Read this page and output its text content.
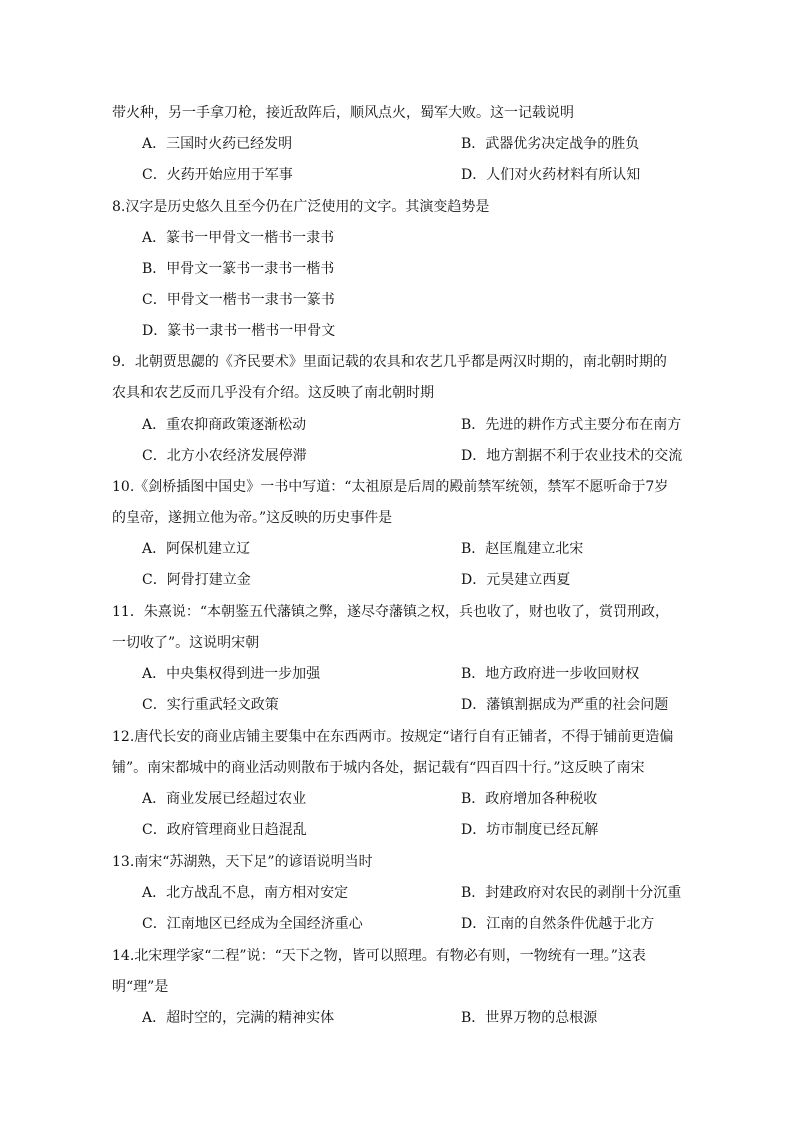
带火种，另一手拿刀枪，接近敌阵后，顺风点火，蜀军大败。这一记载说明
A．三国时火药已经发明	B．武器优劣决定战争的胜负
C．火药开始应用于军事	D．人们对火药材料有所认知
8.汉字是历史悠久且至今仍在广泛使用的文字。其演变趋势是
A．篆书一甲骨文一楷书一隶书
B．甲骨文一篆书一隶书一楷书
C．甲骨文一楷书一隶书一篆书
D．篆书一隶书一楷书一甲骨文
9．北朝贾思勰的《齐民要术》里面记载的农具和农艺几乎都是两汉时期的，南北朝时期的
农具和农艺反而几乎没有介绍。这反映了南北朝时期
A．重农抑商政策逐渐松动	B．先进的耕作方式主要分布在南方
C．北方小农经济发展停滞	D．地方割据不利于农业技术的交流
10.《剑桥插图中国史》一书中写道：“太祖原是后周的殿前禁军统领，禁军不愿听命于7岁
的皇帝，遂拥立他为帝。”这反映的历史事件是
A．阿保机建立辽	B．赵匡胤建立北宋
C．阿骨打建立金	D．元昊建立西夏
11．朱熹说：“本朝鉴五代藩镇之弊，遂尽夺藩镇之权，兵也收了，财也收了，赏罚刑政，
一切收了”。这说明宋朝
A．中央集权得到进一步加强	B．地方政府进一步收回财权
C．实行重武轻文政策	D．藩镇割据成为严重的社会问题
12.唐代长安的商业店铺主要集中在东西两市。按规定“诸行自有正铺者，不得于铺前更造偏
铺”。南宋都城中的商业活动则散布于城内各处，据记载有“四百四十行。”这反映了南宋
A．商业发展已经超过农业	B．政府增加各种税收
C．政府管理商业日趋混乱	D．坊市制度已经瓦解
13.南宋“苏湖熟，天下足”的谚语说明当时
A．北方战乱不息，南方相对安定	B．封建政府对农民的剥削十分沉重
C．江南地区已经成为全国经济重心	D．江南的自然条件优越于北方
14.北宋理学家“二程”说：“天下之物，皆可以照理。有物必有则，一物统有一理。”这表
明“理”是
A．超时空的，完满的精神实体	B．世界万物的总根源
